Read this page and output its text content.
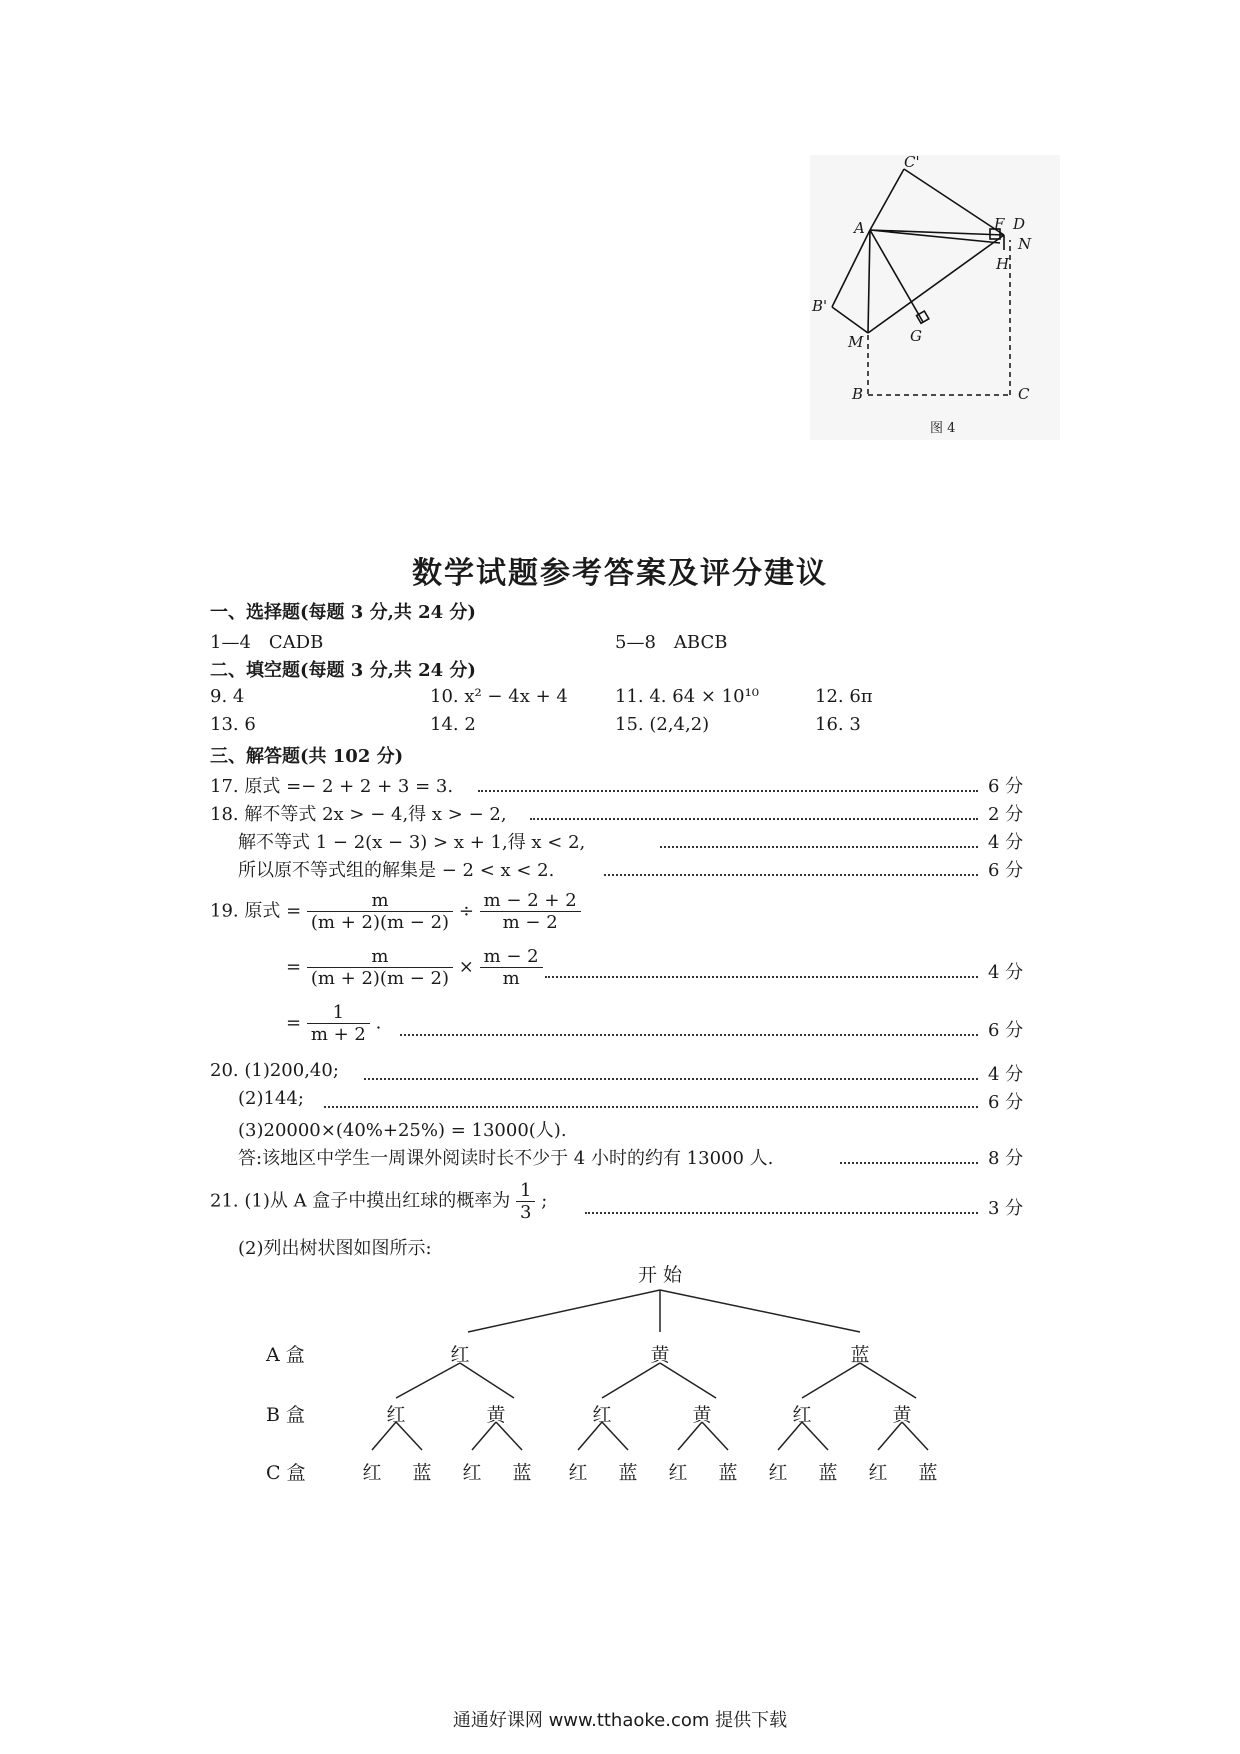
C'
A	F D
N
H
B'
G
M
B	C
图 4
数学试题参考答案及评分建议
一、选择题(每题 3 分,共 24 分)
1—4　CADB	5—8　ABCB
二、填空题(每题 3 分,共 24 分)
9. 4	10. x² − 4x + 4	11. 4. 64 × 10¹⁰	12. 6π
13. 6	14. 2	15. (2,4,2)	16. 3
三、解答题(共 102 分)
17. 原式 =− 2 + 2 + 3 = 3.	6 分
18. 解不等式 2x > − 4,得 x > − 2,	2 分
解不等式 1 − 2(x − 3) > x + 1,得 x < 2,	4 分
所以原不等式组的解集是 − 2 < x < 2.	6 分
19. 原式 = $\frac{m}{(m + 2)(m - 2)} \div \frac{m - 2 + 2}{m - 2}$
= $\frac{m}{(m + 2)(m - 2)} \times \frac{m - 2}{m}$	4 分
= $\frac{1}{m + 2}$ .	6 分
20. (1)200,40;	4 分
(2)144;	6 分
(3)20000×(40%+25%) = 13000(人).
答:该地区中学生一周课外阅读时长不少于 4 小时的约有 13000 人.	8 分
21. (1)从 A 盒子中摸出红球的概率为 $\frac{1}{3}$ ;	3 分
(2)列出树状图如图所示:
开 始
A 盒
B 盒
C 盒
红	黄	蓝
红	黄	红	黄	红	黄
红 蓝 红 蓝 红 蓝 红 蓝 红 蓝 红 蓝
通通好课网 www.tthaoke.com 提供下载
